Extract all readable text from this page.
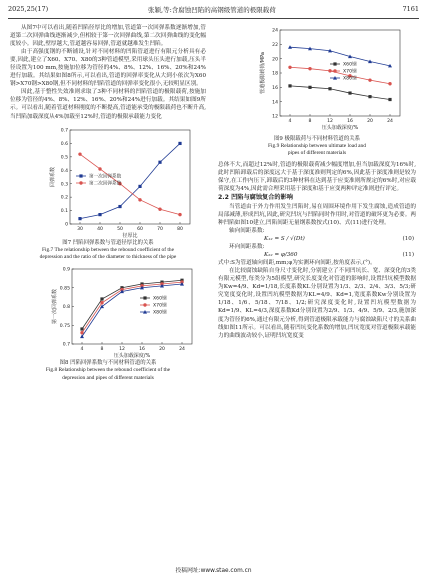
2025,25(17)	张颖,等:含腐蚀凹陷的高钢级管道的极限载荷	7161

从图7中可以看出,随着凹陷径厚比的增加,管道第一次回弹系数逐渐增加,管道第二次回弹曲线逐渐减少,但相较于第一次回弹曲线,第二次回弹曲线的变化幅度较小。因此,壁厚越大,管道越容易回弹,管道就越难发生凹陷。

由于高强度钢的不断铺设,针对不同材料的凹陷管道进行有限元分析具有必要,因此,建立了X60、X70、X80的3种管道模型,采用球头压头进行加载,压头半径设置为100 mm,按施加位移为管径的4%、8%、12%、16%、20%和24%进行加载。其结果如图8所示,可以看出,管道的回弹率变化从大到小依次为X60钢>X70钢>X80钢,但不同材料的凹陷管道的回弹率变化很小,无较明显区别。

因此,基于整性失效准则求取了3种不同材料的凹陷管道的极限载荷,按施加位移为管径的4%、8%、12%、16%、20%和24%进行加载。其结果如图9所示。可以看出,随着管道材料刚度的不断提高,管道能承受的极限载荷也不断升高,当凹陷加载深度从4%加载至12%时,管道的极限承载能力变化

0
0.1
0.2
0.3
0.4
0.5
0.6
0.7
30	40	50	60	70	80
径厚比
回弹系数	第一次回弹系数
第二次回弹系数
图7 凹陷回弹系数与管道径厚比的关系
Fig.7 The relationship between the rebound coefficient of the
depression and the ratio of the diameter to thickness of the pipe
0.7
0.75
0.8
0.85
0.9
4	8	12	16	20	24
压头加载深度/%
第一次回弹系数	X60钢
X70钢
X80钢
图8 凹陷回弹系数与不同材料管道的关系
Fig.8 Relationship between the rebound coefficient of the
depression and pipes of different materials
12
14
16
18
20
22
24
4	8	12	16	20	24
压头加载深度/%
管道极限载荷/MPa	X60钢
X70钢
X80钢
图9 极限载荷与不同材料管道的关系
Fig.9 Relationship between ultimate load and
pipes of different materials

总体不大,而超过12%时,管道的极限载荷减少幅度增加,但当加载深度为16%时,此时凹陷卸载后的深度远大于基于深度准则判定的6%,因此基于深度准则是较为保守,在工作内压下,卸载后的3种材料在达到基于应变准则所规定的6%时,对应载荷深度为4%,因此需合理采用基于深度和基于应变两种评定准则进行评定。

2.2 凹陷与腐蚀复合的影响

当管道由于外力作用发生凹陷时,易在周围环境作用下发生腐蚀,造成管道的局部减薄,形成凹坑,因此,研究凹坑与凹陷同时作用时,对管道的破坏更为必要。两种凹陷如图10建立,凹陷间距无量纲系数按式(10)、式(11)进行处理。

轴向间距系数:

K₁₂ = S / √(Dt)	(10)

环向间距系数:

K₂₂ = φ/360	(11)

式中:S为管道轴向间距,mm;φ为实测环向间距,按角度表示,(°)。

在比较腐蚀缺陷自身尺寸变化时,分别建立了不同凹坑长、宽、深变化的3类有限元模型,每类分为5组模型,研究长度变化对管道的影响时,设置凹坑模型数据为Kw=4/9、Kd=1/18,长度系数KL分别设置为1/3、2/3、2/4、3/3、5/3;研究宽度变化时,设置凹坑模型数据为KL=4/9、Kd=1,宽度系数Kw分别设置为1/18、1/6、5/18、7/18、1/2;研究深度变化时,设置凹坑模型数据为Kd=1/9、KL=4/3,深度系数Kd分别设置为2/9、1/3、4/9、5/9、2/3,施加深度为管径的6%,通过有限元分析,得到管道极限承载能力与腐蚀缺陷尺寸的关系曲线如图11所示。可以看出,随着凹坑变化系数的增加,凹坑宽度对管道极限承载能力的曲线波动较小,证明凹坑宽度变

投稿网址:www.stae.com.cn
